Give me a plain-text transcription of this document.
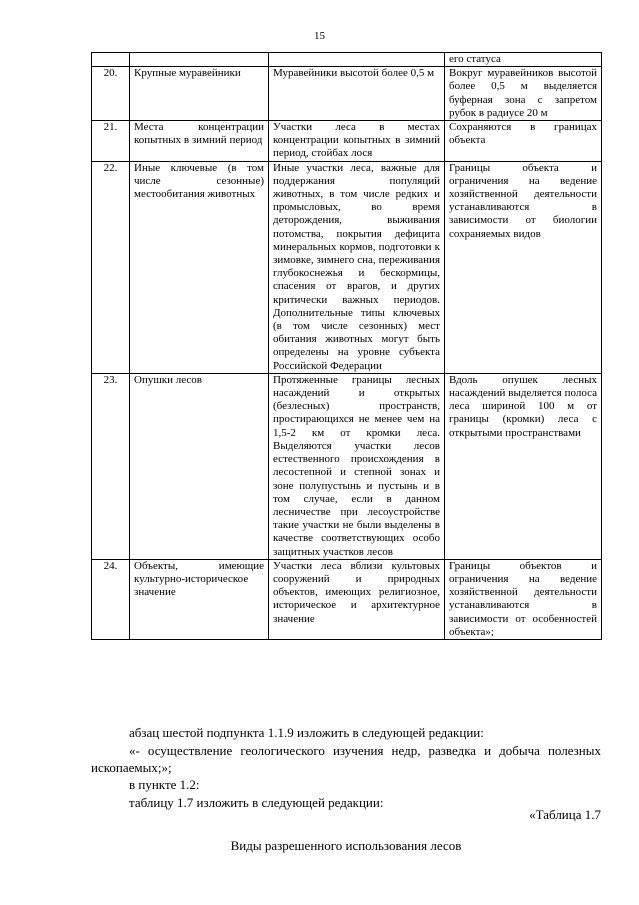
15
			его статуса
20.	Крупные муравейники	Муравейники высотой более 0,5 м	Вокруг муравейников высотой более 0,5 м выделяется буферная зона с запретом рубок в радиусе 20 м
21.	Места концентрации копытных в зимний период	Участки леса в местах концентрации копытных в зимний период, стойбах лося	Сохраняются в границах объекта
22.	Иные ключевые (в том числе сезонные) местообитания животных	Иные участки леса, важные для поддержания популяций животных, в том числе редких и промысловых, во время деторождения, выживания потомства, покрытия дефицита минеральных кормов, подготовки к зимовке, зимнего сна, переживания глубокоснежья и бескормицы, спасения от врагов, и других критически важных периодов. Дополнительные типы ключевых (в том числе сезонных) мест обитания животных могут быть определены на уровне субъекта Российской Федерации	Границы объекта и ограничения на ведение хозяйственной деятельности устанавливаются в зависимости от биологии сохраняемых видов
23.	Опушки лесов	Протяженные границы лесных насаждений и открытых (безлесных) пространств, простирающихся не менее чем на 1,5-2 км от кромки леса. Выделяются участки лесов естественного происхождения в лесостепной и степной зонах и зоне полупустынь и пустынь и в том случае, если в данном лесничестве при лесоустройстве такие участки не были выделены в качестве соответствующих особо защитных участков лесов	Вдоль опушек лесных насаждений выделяется полоса леса шириной 100 м от границы (кромки) леса с открытыми пространствами
24.	Объекты, имеющие культурно-историческое значение	Участки леса вблизи культовых сооружений и природных объектов, имеющих религиозное, историческое и архитектурное значение	Границы объектов и ограничения на ведение хозяйственной деятельности устанавливаются в зависимости от особенностей объекта»;
абзац шестой подпункта 1.1.9 изложить в следующей редакции:
«- осуществление геологического изучения недр, разведка и добыча полезных ископаемых;»;
в пункте 1.2:
таблицу 1.7 изложить в следующей редакции:
«Таблица 1.7
Виды разрешенного использования лесов
